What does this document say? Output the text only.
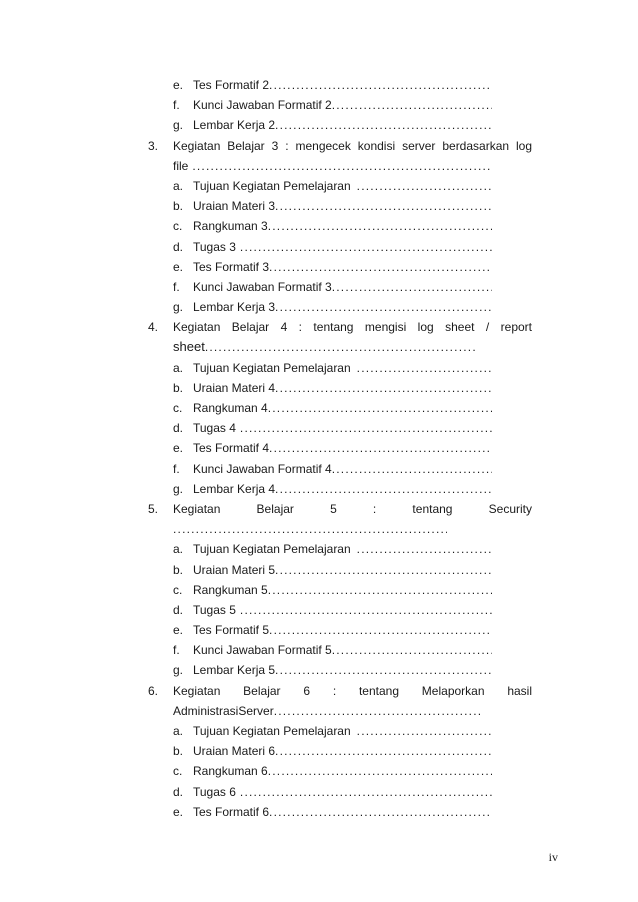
e. Tes Formatif 2
.....
f. Kunci Jawaban Formatif 2
.....
g. Lembar Kerja 2
.....
3. Kegiatan Belajar 3 : mengecek kondisi server berdasarkan log
file
.....
a. Tujuan Kegiatan Pemelajaran
.....
b. Uraian Materi 3
.....
c. Rangkuman 3
.....
d. Tugas 3
.....
e. Tes Formatif 3
.....
f. Kunci Jawaban Formatif 3
.....
g. Lembar Kerja 3
.....
4. Kegiatan Belajar 4 : tentang mengisi log sheet / report
sheet
.....
a. Tujuan Kegiatan Pemelajaran
.....
b. Uraian Materi 4
.....
c. Rangkuman 4
.....
d. Tugas 4
.....
e. Tes Formatif 4
.....
f. Kunci Jawaban Formatif 4
.....
g. Lembar Kerja 4
.....
5. Kegiatan Belajar 5 : tentang Security
.....
a. Tujuan Kegiatan Pemelajaran
.....
b. Uraian Materi 5
.....
c. Rangkuman 5
.....
d. Tugas 5
.....
e. Tes Formatif 5
.....
f. Kunci Jawaban Formatif 5
.....
g. Lembar Kerja 5
.....
6. Kegiatan Belajar 6 : tentang Melaporkan hasil
AdministrasiServer
.....
a. Tujuan Kegiatan Pemelajaran
.....
b. Uraian Materi 6
.....
c. Rangkuman 6
.....
d. Tugas 6
.....
e. Tes Formatif 6
.....
iv
